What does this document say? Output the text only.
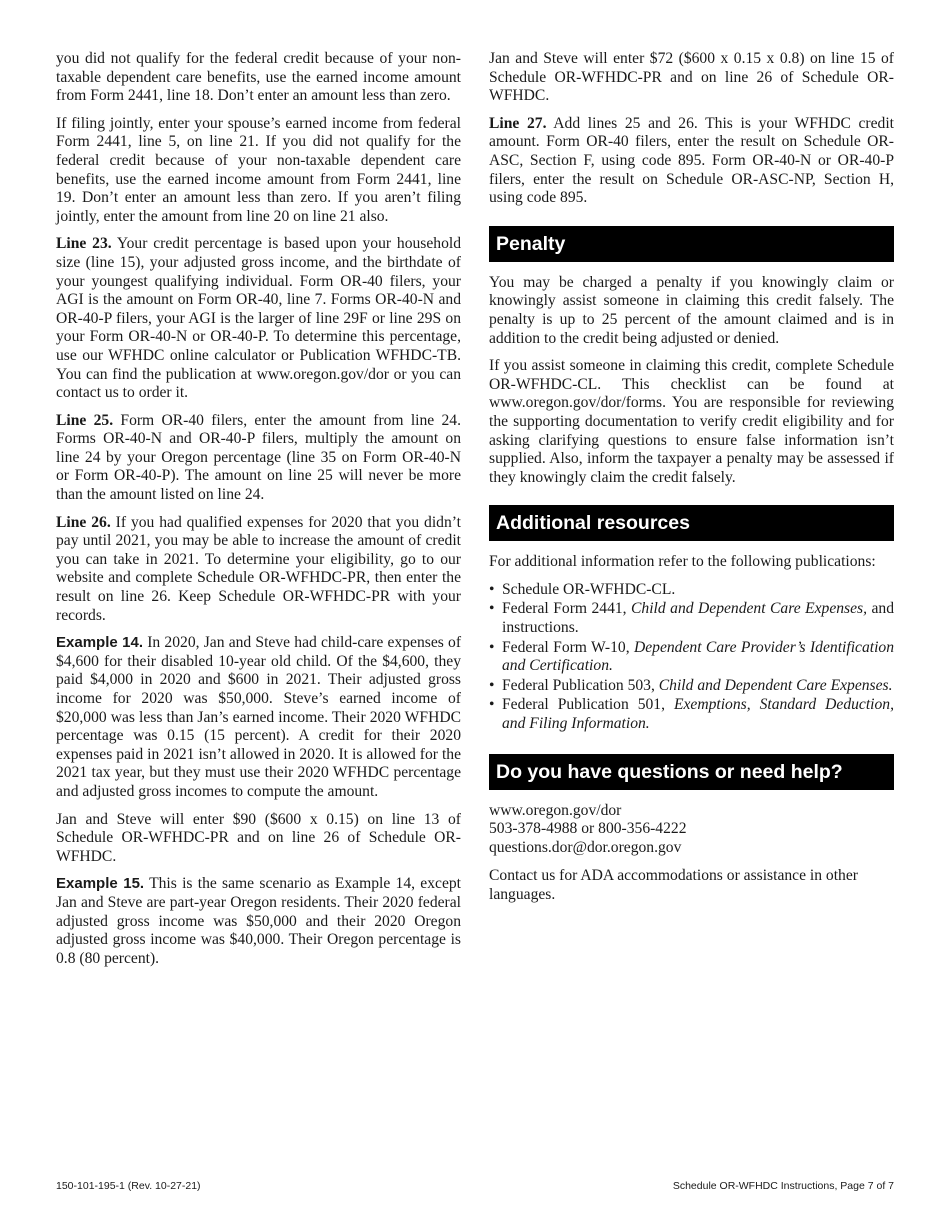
you did not qualify for the federal credit because of your non-taxable dependent care benefits, use the earned income amount from Form 2441, line 18. Don’t enter an amount less than zero.

If filing jointly, enter your spouse’s earned income from federal Form 2441, line 5, on line 21. If you did not qualify for the federal credit because of your non-taxable dependent care benefits, use the earned income amount from Form 2441, line 19. Don’t enter an amount less than zero. If you aren’t filing jointly, enter the amount from line 20 on line 21 also.

Line 23. Your credit percentage is based upon your household size (line 15), your adjusted gross income, and the birthdate of your youngest qualifying individual. Form OR-40 filers, your AGI is the amount on Form OR-40, line 7. Forms OR-40-N and OR-40-P filers, your AGI is the larger of line 29F or line 29S on your Form OR-40-N or OR-40-P. To determine this percentage, use our WFHDC online calculator or Publication WFHDC-TB. You can find the publication at www.oregon.gov/dor or you can contact us to order it.

Line 25. Form OR-40 filers, enter the amount from line 24. Forms OR-40-N and OR-40-P filers, multiply the amount on line 24 by your Oregon percentage (line 35 on Form OR-40-N or Form OR-40-P). The amount on line 25 will never be more than the amount listed on line 24.

Line 26. If you had qualified expenses for 2020 that you didn’t pay until 2021, you may be able to increase the amount of credit you can take in 2021. To determine your eligibility, go to our website and complete Schedule OR-WFHDC-PR, then enter the result on line 26. Keep Schedule OR-WFHDC-PR with your records.

Example 14. In 2020, Jan and Steve had child-care expenses of $4,600 for their disabled 10-year old child. Of the $4,600, they paid $4,000 in 2020 and $600 in 2021. Their adjusted gross income for 2020 was $50,000. Steve’s earned income of $20,000 was less than Jan’s earned income. Their 2020 WFHDC percentage was 0.15 (15 percent). A credit for their 2020 expenses paid in 2021 isn’t allowed in 2020. It is allowed for the 2021 tax year, but they must use their 2020 WFHDC percentage and adjusted gross incomes to compute the amount.

Jan and Steve will enter $90 ($600 x 0.15) on line 13 of Schedule OR-WFHDC-PR and on line 26 of Schedule OR-WFHDC.

Example 15. This is the same scenario as Example 14, except Jan and Steve are part-year Oregon residents. Their 2020 federal adjusted gross income was $50,000 and their 2020 Oregon adjusted gross income was $40,000. Their Oregon percentage is 0.8 (80 percent).

Jan and Steve will enter $72 ($600 x 0.15 x 0.8) on line 15 of Schedule OR-WFHDC-PR and on line 26 of Schedule OR-WFHDC.

Line 27. Add lines 25 and 26. This is your WFHDC credit amount. Form OR-40 filers, enter the result on Schedule OR-ASC, Section F, using code 895. Form OR-40-N or OR-40-P filers, enter the result on Schedule OR-ASC-NP, Section H, using code 895.

Penalty

You may be charged a penalty if you knowingly claim or knowingly assist someone in claiming this credit falsely. The penalty is up to 25 percent of the amount claimed and is in addition to the credit being adjusted or denied.

If you assist someone in claiming this credit, complete Schedule OR-WFHDC-CL. This checklist can be found at www.oregon.gov/dor/forms. You are responsible for reviewing the supporting documentation to verify credit eligibility and for asking clarifying questions to ensure false information isn’t supplied. Also, inform the taxpayer a penalty may be assessed if they knowingly claim the credit falsely.

Additional resources

For additional information refer to the following publications:

• Schedule OR-WFHDC-CL.
• Federal Form 2441, Child and Dependent Care Expenses, and instructions.
• Federal Form W-10, Dependent Care Provider’s Identification and Certification.
• Federal Publication 503, Child and Dependent Care Expenses.
• Federal Publication 501, Exemptions, Standard Deduction, and Filing Information.
Do you have questions or need help?
www.oregon.gov/dor
503-378-4988 or 800-356-4222
questions.dor@dor.oregon.gov

Contact us for ADA accommodations or assistance in other languages.

150-101-195-1 (Rev. 10-27-21)	Schedule OR-WFHDC Instructions, Page 7 of 7
